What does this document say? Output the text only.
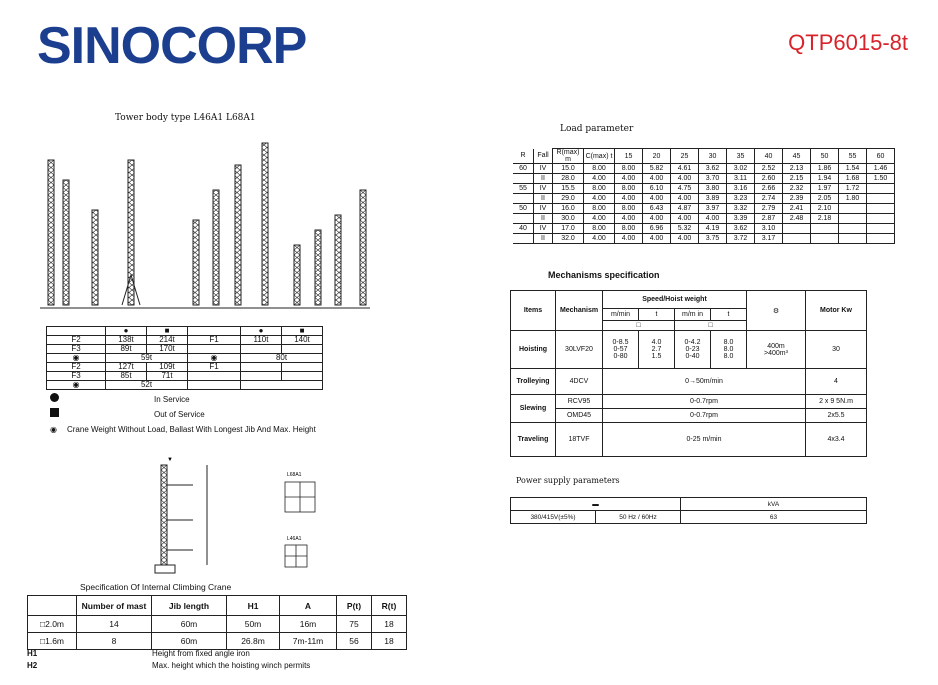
SINOCORP	QTP6015-8t
Tower body type L46A1 L68A1
	●	■		●	■
F2	138t	214t	F1	110t	140t
F3	89t	170t			
◉	59t		◉	80t	
F2	127t	109t	F1		
F3	85t	71t			
◉	52t				
In Service
Out of Service
◉ Crane Weight Without Load, Ballast With Longest Jib And Max. Height
▼
L68A1
L46A1
Specification Of Internal Climbing Crane
	Number of mast	Jib length	H1	A	P(t)	R(t)
□2.0m	14	60m	50m	16m	75	18
□1.6m	8	60m	26.8m	7m-11m	56	18
H1	Height from fixed angle iron
H2	Max. height which the hoisting winch permits
Load parameter
R	Fall	R(max) m	C(max) t	15	20	25	30	35	40	45	50	55	60
60	IV	15.0	8.00	8.00	5.82	4.61	3.62	3.02	2.52	2.13	1.86	1.54	1.46
	II	28.0	4.00	4.00	4.00	4.00	3.70	3.11	2.60	2.15	1.94	1.68	1.50
55	IV	15.5	8.00	8.00	6.10	4.75	3.80	3.16	2.66	2.32	1.97	1.72	
	II	29.0	4.00	4.00	4.00	4.00	3.89	3.23	2.74	2.39	2.05	1.80	
50	IV	16.0	8.00	8.00	6.43	4.87	3.97	3.32	2.79	2.41	2.10		
	II	30.0	4.00	4.00	4.00	4.00	4.00	3.39	2.87	2.48	2.18		
40	IV	17.0	8.00	8.00	6.96	5.32	4.19	3.62	3.10				
	II	32.0	4.00	4.00	4.00	4.00	3.75	3.72	3.17				
Mechanisms specification
Items	Mechanism	Speed/Hoist weight				⚙	Motor Kw
		m/min	t	m/m in	t		
		□		□			
Hoisting	30LVF20	0-8.5
0-57
0-80	4.0
2.7
1.5	0-4.2
0-23
0-40	8.0
8.0
8.0	400m
>400m³	30
Trolleying	4DCV	0→50m/min					4
Slewing	RCV95	0-0.7rpm					2 x 9 5N.m
	OMD45	0-0.7rpm					2x5.5
Traveling	18TVF	0-25 m/min					4x3.4
Power supply parameters
▬		kVA
380/415V(±5%)	50 Hz / 60Hz	63
